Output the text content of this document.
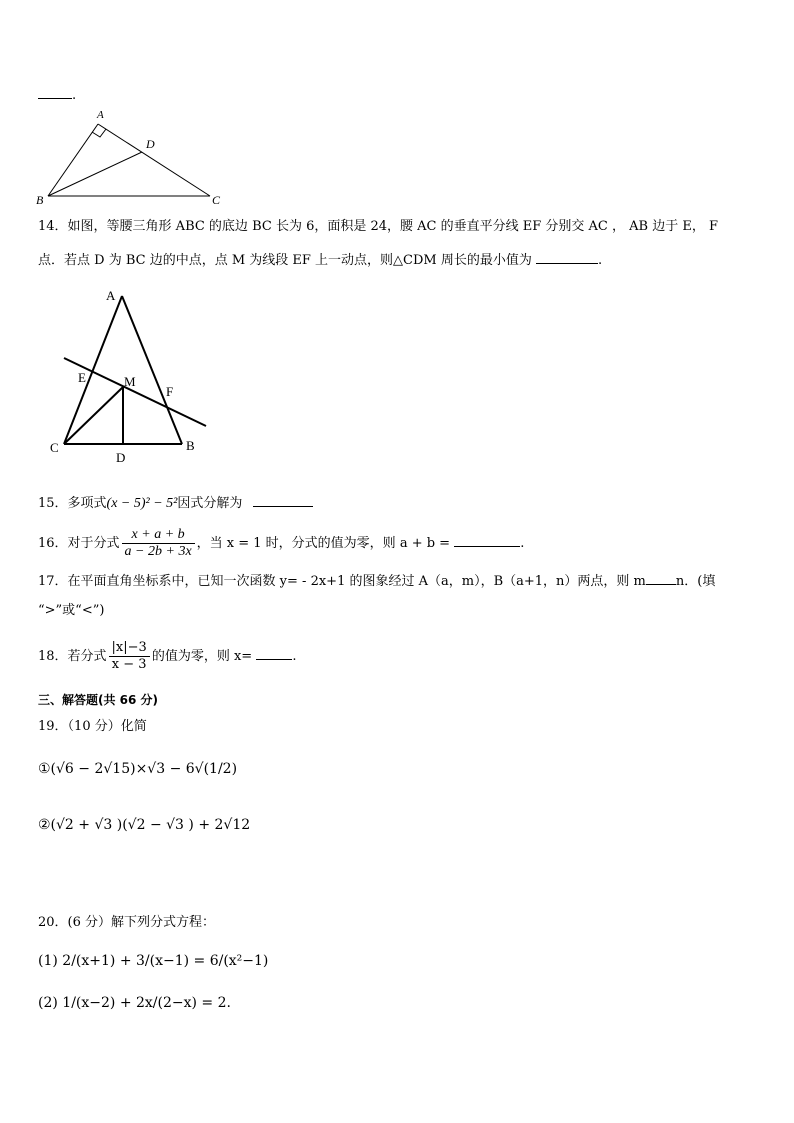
.
A
D
B	C
14．如图，等腰三角形 ABC 的底边 BC 长为 6，面积是 24，腰 AC 的垂直平分线 EF 分别交 AC ， AB 边于 E， F
点．若点 D 为 BC 边的中点，点 M 为线段 EF 上一动点，则△CDM 周长的最小值为	.
A
E	M
F
C
D
B
15．多项式(x − 5)² − 5²因式分解为
16．对于分式 $\frac{x + a + b}{a - 2b + 3x}$ ，当 x = 1 时，分式的值为零，则 a + b =	.
17．在平面直角坐标系中，已知一次函数 y= - 2x+1 的图象经过 A（a，m），B（a+1，n）两点，则 m n．(填
“>”或“<”)
18．若分式 $\frac{|x|-3}{x - 3}$ 的值为零，则 x=	.
三、解答题(共 66 分)
19．（10 分）化简
①(√6 − 2√15)×√3 − 6√(1/2)
②(√2 + √3 )(√2 − √3 ) + 2√12
20．(6 分）解下列分式方程：
(1) 2/(x+1) + 3/(x−1) = 6/(x²−1)
(2) 1/(x−2) + 2x/(2−x) = 2.
